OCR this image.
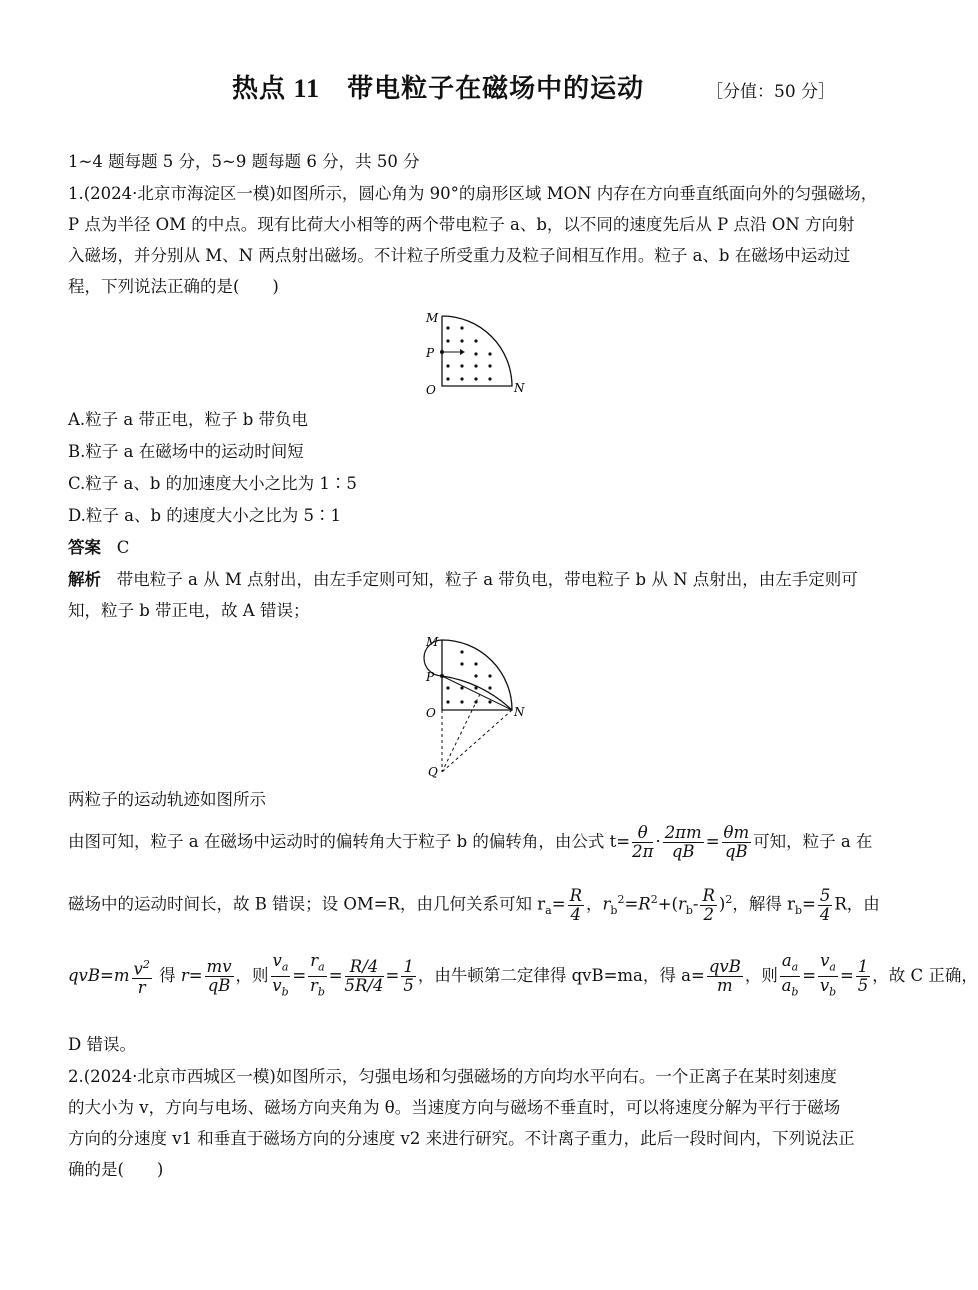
热点 11　带电粒子在磁场中的运动	［分值：50 分］
1~4 题每题 5 分，5~9 题每题 6 分，共 50 分
1.(2024·北京市海淀区一模)如图所示，圆心角为 90°的扇形区域 MON 内存在方向垂直纸面向外的匀强磁场，
P 点为半径 OM 的中点。现有比荷大小相等的两个带电粒子 a、b，以不同的速度先后从 P 点沿 ON 方向射
入磁场，并分别从 M、N 两点射出磁场。不计粒子所受重力及粒子间相互作用。粒子 a、b 在磁场中运动过
程，下列说法正确的是(　　)
M
P
O	N
A.粒子 a 带正电，粒子 b 带负电
B.粒子 a 在磁场中的运动时间短
C.粒子 a、b 的加速度大小之比为 1∶5
D.粒子 a、b 的速度大小之比为 5∶1
答案 C
解析 带电粒子 a 从 M 点射出，由左手定则可知，粒子 a 带负电，带电粒子 b 从 N 点射出，由左手定则可
知，粒子 b 带正电，故 A 错误；
M
P
O	N
Q
两粒子的运动轨迹如图所示
由图可知，粒子 a 在磁场中运动时的偏转角大于粒子 b 的偏转角，由公式 $t= \frac{\theta}{2\pi} \cdot \frac{2\pi m}{qB} = \frac{\theta m}{qB}$ 可知，粒子 a 在
磁场中的运动时间长，故 B 错误；设 OM=R，由几何关系可知 $r_a= \frac{R}{4}$ ，$r_b^2=R^2+(r_b- \frac{R}{2} )^2$，解得 $r_b= \frac{5}{4}$ R，由
$qvB=m \frac{v^2}{r}$ 得 $r= \frac{mv}{qB}$ ，则 $\frac{v_a}{v_b} = \frac{r_a}{r_b} = \frac{R/4}{5R/4} = \frac{1}{5}$ ，由牛顿第二定律得 qvB=ma，得 $a= \frac{\text{qvB}}{m}$ ，则 $\frac{a_a}{a_b} = \frac{v_a}{v_b} = \frac{1}{5}$ ，故 C 正确，
D 错误。
2.(2024·北京市西城区一模)如图所示，匀强电场和匀强磁场的方向均水平向右。一个正离子在某时刻速度
的大小为 v，方向与电场、磁场方向夹角为 θ。当速度方向与磁场不垂直时，可以将速度分解为平行于磁场
方向的分速度 v1 和垂直于磁场方向的分速度 v2 来进行研究。不计离子重力，此后一段时间内，下列说法正
确的是(　　)
